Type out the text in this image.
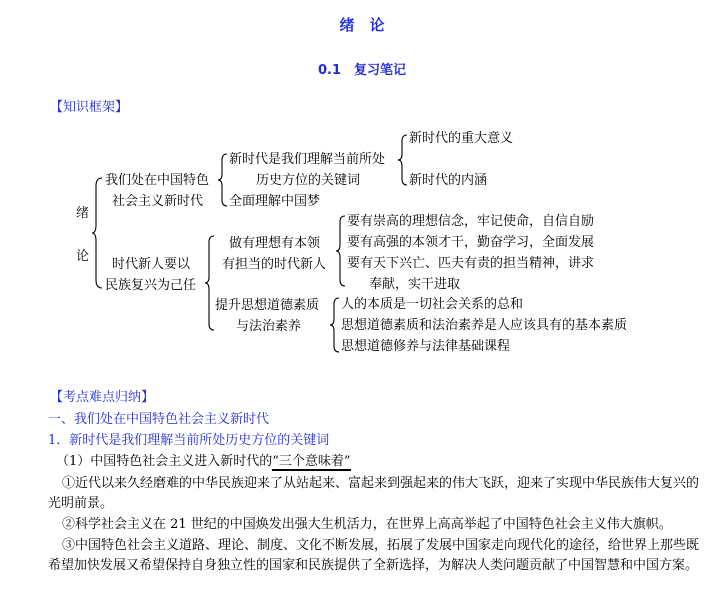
绪　论
0.1　复习笔记
【知识框架】
绪
论
我们处在中国特色
社会主义新时代
新时代是我们理解当前所处
历史方位的关键词
全面理解中国梦
新时代的重大意义
新时代的内涵
时代新人要以
民族复兴为己任
做有理想有本领
有担当的时代新人
要有崇高的理想信念，牢记使命，自信自励
要有高强的本领才干，勤奋学习，全面发展
要有天下兴亡、匹夫有责的担当精神，讲求
奉献，实干进取
提升思想道德素质
与法治素养
人的本质是一切社会关系的总和
思想道德素质和法治素养是人应该具有的基本素质
思想道德修养与法律基础课程
【考点难点归纳】
一、我们处在中国特色社会主义新时代
1．新时代是我们理解当前所处历史方位的关键词
（1）中国特色社会主义进入新时代的“三个意味着”
①近代以来久经磨难的中华民族迎来了从站起来、富起来到强起来的伟大飞跃，迎来了实现中华民族伟大复兴的光明前景。
②科学社会主义在 21 世纪的中国焕发出强大生机活力，在世界上高高举起了中国特色社会主义伟大旗帜。
③中国特色社会主义道路、理论、制度、文化不断发展，拓展了发展中国家走向现代化的途径，给世界上那些既希望加快发展又希望保持自身独立性的国家和民族提供了全新选择，为解决人类问题贡献了中国智慧和中国方案。
